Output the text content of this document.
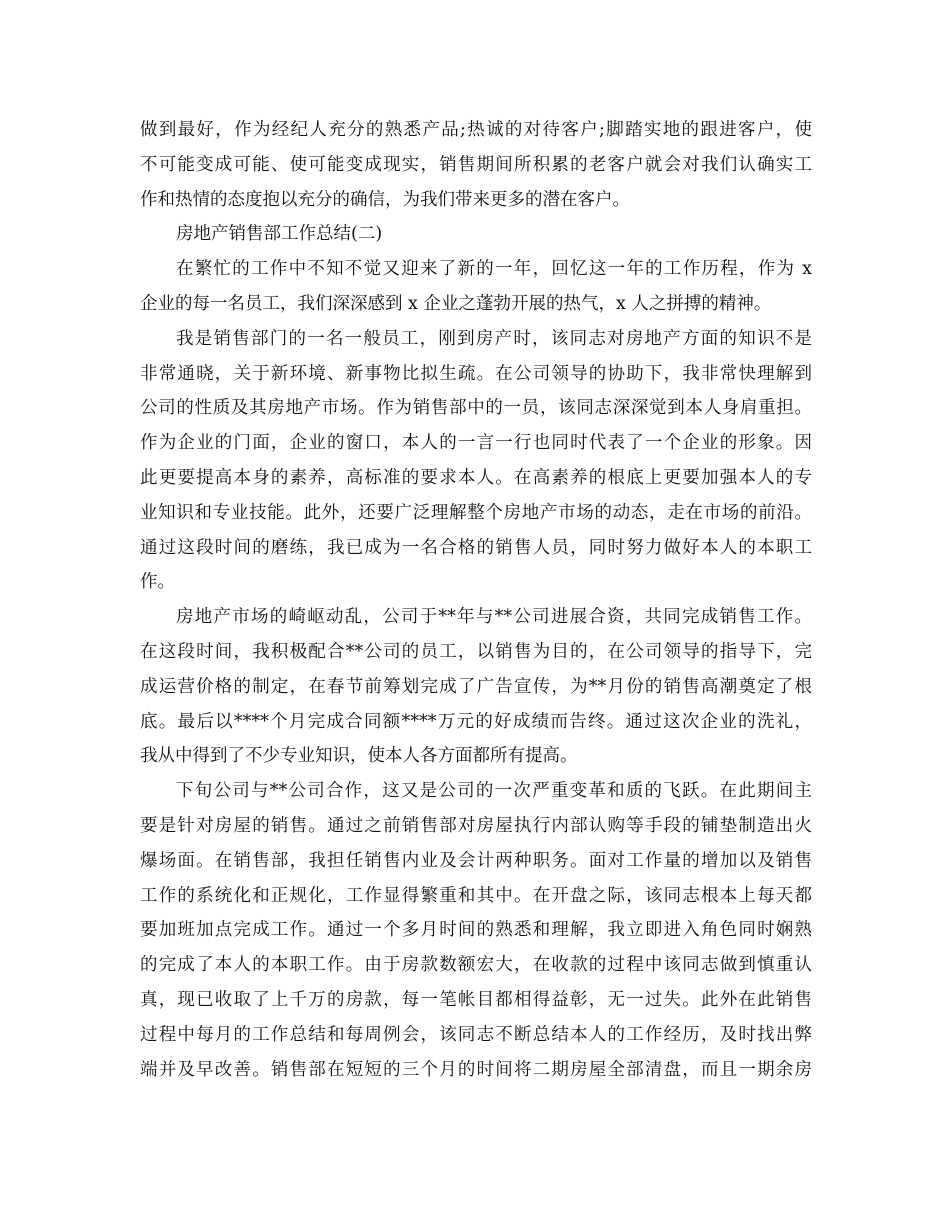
做到最好，作为经纪人充分的熟悉产品;热诚的对待客户;脚踏实地的跟进客户，使
不可能变成可能、使可能变成现实，销售期间所积累的老客户就会对我们认确实工
作和热情的态度抱以充分的确信，为我们带来更多的潜在客户。
房地产销售部工作总结(二)
在繁忙的工作中不知不觉又迎来了新的一年，回忆这一年的工作历程，作为 x
企业的每一名员工，我们深深感到 x 企业之蓬勃开展的热气，x 人之拼搏的精神。
我是销售部门的一名一般员工，刚到房产时，该同志对房地产方面的知识不是
非常通晓，关于新环境、新事物比拟生疏。在公司领导的协助下，我非常快理解到
公司的性质及其房地产市场。作为销售部中的一员，该同志深深觉到本人身肩重担。
作为企业的门面，企业的窗口，本人的一言一行也同时代表了一个企业的形象。因
此更要提高本身的素养，高标准的要求本人。在高素养的根底上更要加强本人的专
业知识和专业技能。此外，还要广泛理解整个房地产市场的动态，走在市场的前沿。
通过这段时间的磨练，我已成为一名合格的销售人员，同时努力做好本人的本职工
作。
房地产市场的崎岖动乱，公司于**年与**公司进展合资，共同完成销售工作。
在这段时间，我积极配合**公司的员工，以销售为目的，在公司领导的指导下，完
成运营价格的制定，在春节前筹划完成了广告宣传，为**月份的销售高潮奠定了根
底。最后以****个月完成合同额****万元的好成绩而告终。通过这次企业的洗礼，
我从中得到了不少专业知识，使本人各方面都所有提高。
下旬公司与**公司合作，这又是公司的一次严重变革和质的飞跃。在此期间主
要是针对房屋的销售。通过之前销售部对房屋执行内部认购等手段的铺垫制造出火
爆场面。在销售部，我担任销售内业及会计两种职务。面对工作量的增加以及销售
工作的系统化和正规化，工作显得繁重和其中。在开盘之际，该同志根本上每天都
要加班加点完成工作。通过一个多月时间的熟悉和理解，我立即进入角色同时娴熟
的完成了本人的本职工作。由于房款数额宏大，在收款的过程中该同志做到慎重认
真，现已收取了上千万的房款，每一笔帐目都相得益彰，无一过失。此外在此销售
过程中每月的工作总结和每周例会，该同志不断总结本人的工作经历，及时找出弊
端并及早改善。销售部在短短的三个月的时间将二期房屋全部清盘，而且一期余房
